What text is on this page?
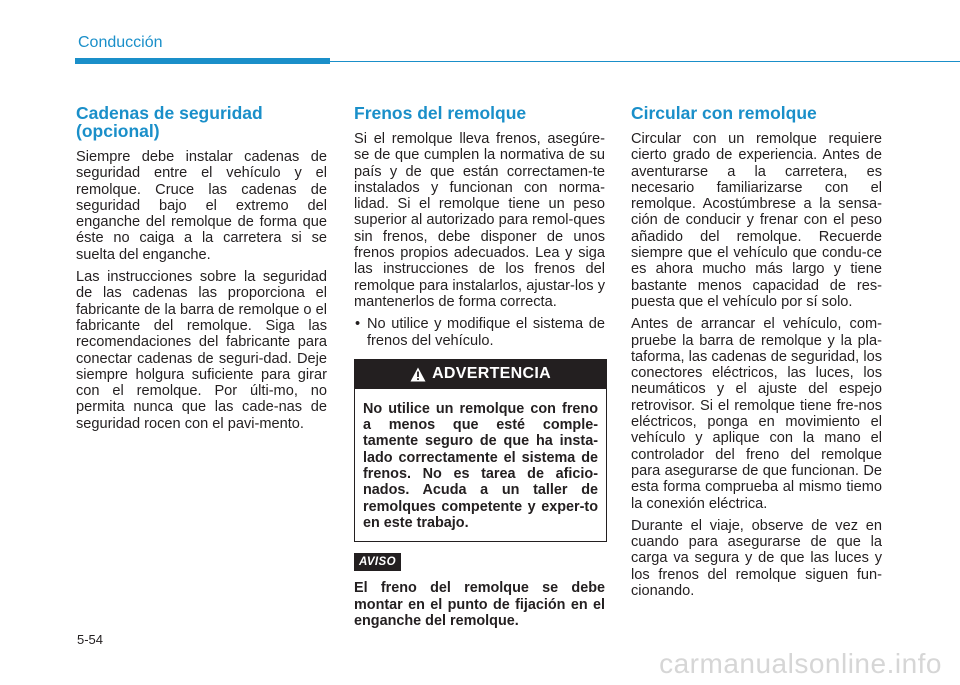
Conducción
Cadenas de seguridad (opcional)

Siempre debe instalar cadenas de seguridad entre el vehículo y el remolque. Cruce las cadenas de seguridad bajo el extremo del enganche del remolque de forma que éste no caiga a la carretera si se suelta del enganche.

Las instrucciones sobre la seguridad de las cadenas las proporciona el fabricante de la barra de remolque o el fabricante del remolque. Siga las recomendaciones del fabricante para conectar cadenas de seguri-dad. Deje siempre holgura suficiente para girar con el remolque. Por últi-mo, no permita nunca que las cade-nas de seguridad rocen con el pavi-mento.

Frenos del remolque

Si el remolque lleva frenos, asegúre-se de que cumplen la normativa de su país y de que están correctamen-te instalados y funcionan con norma-lidad. Si el remolque tiene un peso superior al autorizado para remol-ques sin frenos, debe disponer de unos frenos propios adecuados. Lea y siga las instrucciones de los frenos del remolque para instalarlos, ajustar-los y mantenerlos de forma correcta.

• No utilice y modifique el sistema de frenos del vehículo.
ADVERTENCIA
No utilice un remolque con freno a menos que esté comple-tamente seguro de que ha insta-lado correctamente el sistema de frenos. No es tarea de aficio-nados. Acuda a un taller de remolques competente y exper-to en este trabajo.
AVISO

El freno del remolque se debe montar en el punto de fijación en el enganche del remolque.

Circular con remolque

Circular con un remolque requiere cierto grado de experiencia. Antes de aventurarse a la carretera, es necesario familiarizarse con el remolque. Acostúmbrese a la sensa-ción de conducir y frenar con el peso añadido del remolque. Recuerde siempre que el vehículo que condu-ce es ahora mucho más largo y tiene bastante menos capacidad de res-puesta que el vehículo por sí solo.

Antes de arrancar el vehículo, com-pruebe la barra de remolque y la pla-taforma, las cadenas de seguridad, los conectores eléctricos, las luces, los neumáticos y el ajuste del espejo retrovisor. Si el remolque tiene fre-nos eléctricos, ponga en movimiento el vehículo y aplique con la mano el controlador del freno del remolque para asegurarse de que funcionan. De esta forma comprueba al mismo tiemo la conexión eléctrica.

Durante el viaje, observe de vez en cuando para asegurarse de que la carga va segura y de que las luces y los frenos del remolque siguen fun-cionando.

5-54
carmanualsonline.info
